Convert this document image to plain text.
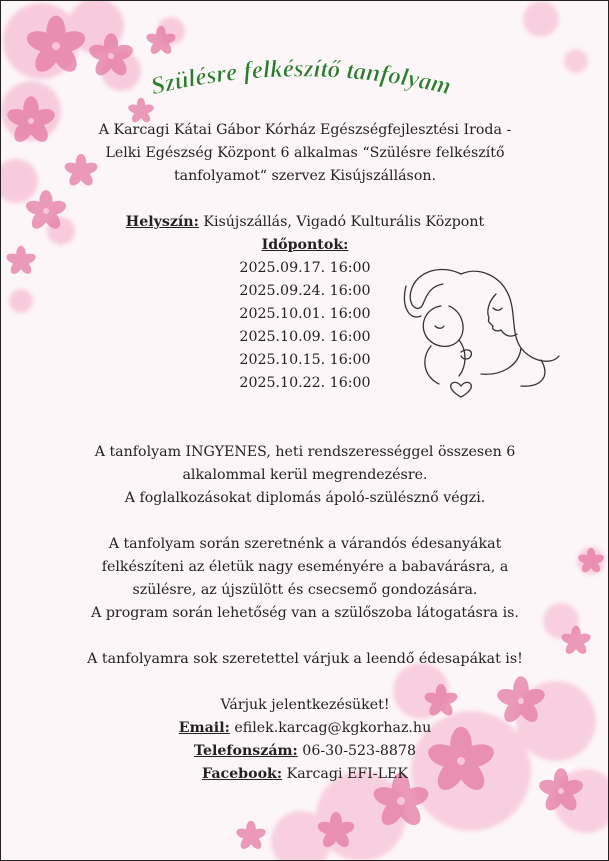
Szülésre felkészítő tanfolyam

A Karcagi Kátai Gábor Kórház Egészségfejlesztési Iroda -

Lelki Egészség Központ 6 alkalmas “Szülésre felkészítő

tanfolyamot“ szervez Kisújszálláson.

Helyszín: Kisújszállás, Vigadó Kulturális Központ

Időpontok:

2025.09.17. 16:00
2025.09.24. 16:00
2025.10.01. 16:00
2025.10.09. 16:00
2025.10.15. 16:00
2025.10.22. 16:00

A tanfolyam INGYENES, heti rendszerességgel összesen 6

alkalommal kerül megrendezésre.

A foglalkozásokat diplomás ápoló-szülésznő végzi.

A tanfolyam során szeretnénk a várandós édesanyákat

felkészíteni az életük nagy eseményére a babavárásra, a

szülésre, az újszülött és csecsemő gondozására.

A program során lehetőség van a szülőszoba látogatásra is.

A tanfolyamra sok szeretettel várjuk a leendő édesapákat is!

Várjuk jelentkezésüket!

Email: efilek.karcag@kgkorhaz.hu

Telefonszám: 06-30-523-8878

Facebook: Karcagi EFI-LEK
